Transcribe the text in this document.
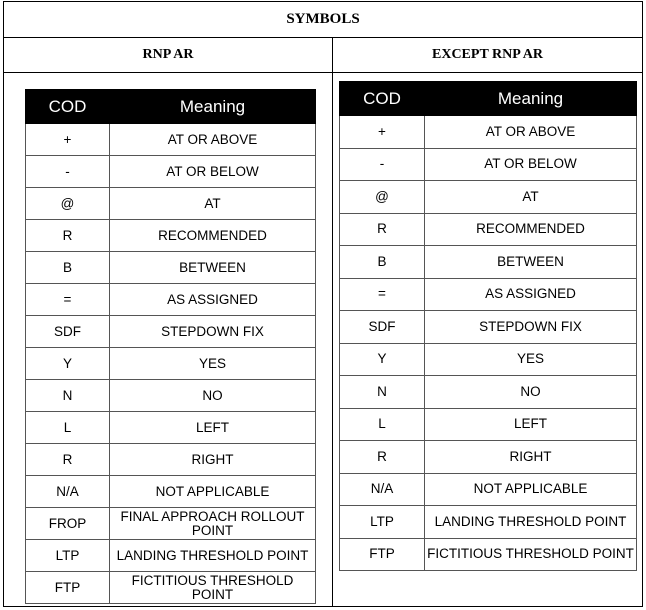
SYMBOLS
RNP AR	EXCEPT RNP AR
COD	Meaning
+	AT OR ABOVE
-	AT OR BELOW
@	AT
R	RECOMMENDED
B	BETWEEN
=	AS ASSIGNED
SDF	STEPDOWN FIX
Y	YES
N	NO
L	LEFT
R	RIGHT
N/A	NOT APPLICABLE
FROP	FINAL APPROACH ROLLOUT POINT
LTP	LANDING THRESHOLD POINT
FTP	FICTITIOUS THRESHOLD POINT
COD	Meaning
+	AT OR ABOVE
-	AT OR BELOW
@	AT
R	RECOMMENDED
B	BETWEEN
=	AS ASSIGNED
SDF	STEPDOWN FIX
Y	YES
N	NO
L	LEFT
R	RIGHT
N/A	NOT APPLICABLE
LTP	LANDING THRESHOLD POINT
FTP	FICTITIOUS THRESHOLD POINT
